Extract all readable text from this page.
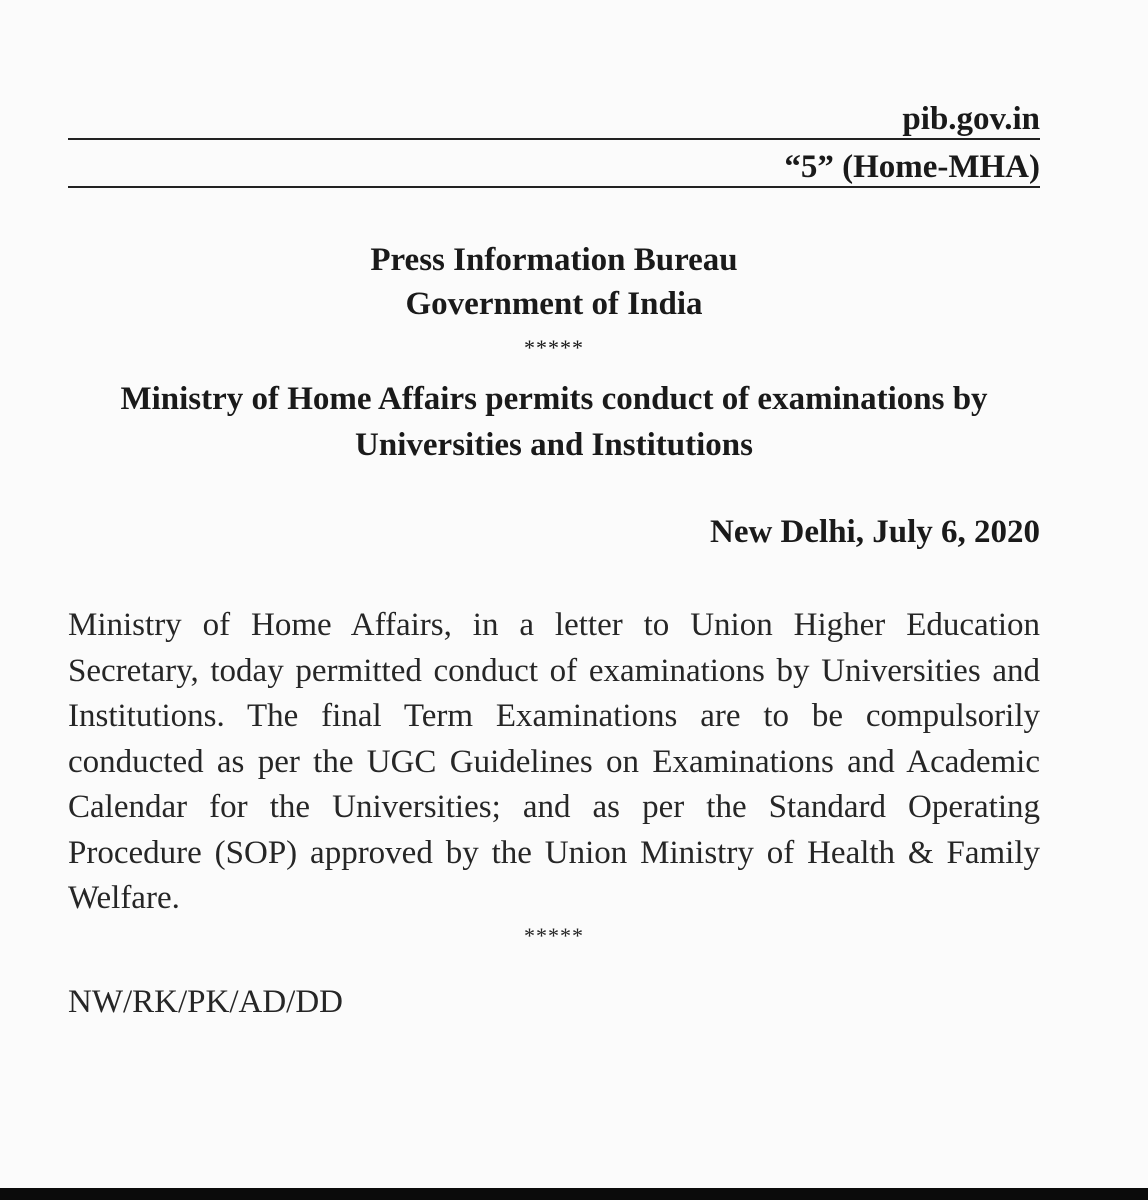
pib.gov.in
“5” (Home-MHA)
Press Information Bureau
Government of India
*****
Ministry of Home Affairs permits conduct of examinations by Universities and Institutions
New Delhi, July 6, 2020
Ministry of Home Affairs, in a letter to Union Higher Education Secretary, today permitted conduct of examinations by Universities and Institutions. The final Term Examinations are to be compulsorily conducted as per the UGC Guidelines on Examinations and Academic Calendar for the Universities; and as per the Standard Operating Procedure (SOP) approved by the Union Ministry of Health & Family Welfare.
*****
NW/RK/PK/AD/DD
